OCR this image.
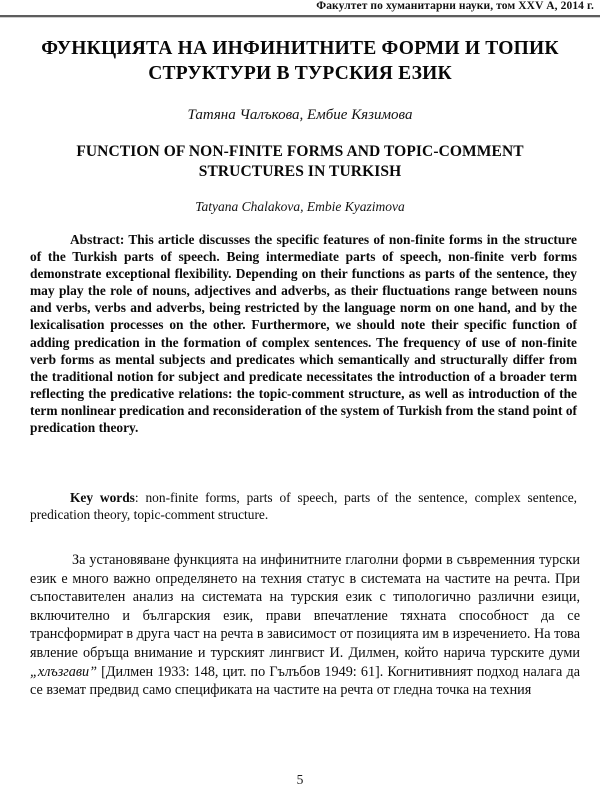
Факултет по хуманитарни науки, том XXV А, 2014 г.
ФУНКЦИЯТА НА ИНФИНИТНИТЕ ФОРМИ И ТОПИК СТРУКТУРИ В ТУРСКИЯ ЕЗИК
Татяна Чалъкова, Ембие Кязимова
FUNCTION OF NON-FINITE FORMS AND TOPIC-COMMENT STRUCTURES IN TURKISH
Tatyana Chalakova, Embie Kyazimova
Abstract: This article discusses the specific features of non-finite forms in the structure of the Turkish parts of speech. Being intermediate parts of speech, non-finite verb forms demonstrate exceptional flexibility. Depending on their functions as parts of the sentence, they may play the role of nouns, adjectives and adverbs, as their fluctuations range between nouns and verbs, verbs and adverbs, being restricted by the language norm on one hand, and by the lexicalisation processes on the other. Furthermore, we should note their specific function of adding predication in the formation of complex sentences. The frequency of use of non-finite verb forms as mental subjects and predicates which semantically and structurally differ from the traditional notion for subject and predicate necessitates the introduction of a broader term reflecting the predicative relations: the topic-comment structure, as well as introduction of the term nonlinear predication and reconsideration of the system of Turkish from the stand point of predication theory.
Key words: non-finite forms, parts of speech, parts of the sentence, complex sentence, predication theory, topic-comment structure.
За установяване функцията на инфинитните глаголни форми в съвременния турски език е много важно определянето на техния статус в системата на частите на речта. При съпоставителен анализ на системата на турския език с типологично различни езици, включително и българския език, прави впечатление тяхната способност да се трансформират в друга част на речта в зависимост от позицията им в изречението. На това явление обръща внимание и турският лингвист И. Дилмен, който нарича турските думи „хлъзгави” [Дилмен 1933: 148, цит. по Гълъбов 1949: 61]. Когнитивният подход налага да се вземат предвид само спецификата на частите на речта от гледна точка на техния
5
